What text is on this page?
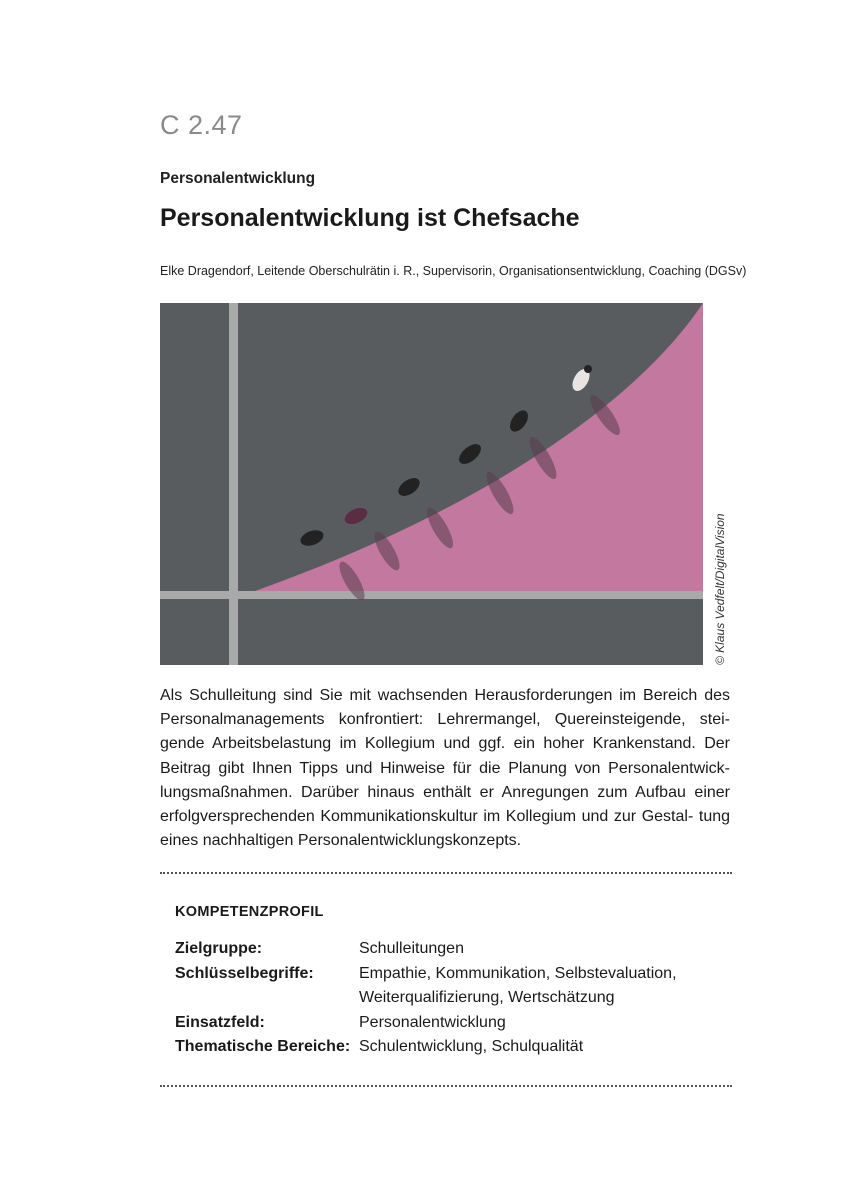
C 2.47
Personalentwicklung
Personalentwicklung ist Chefsache
Elke Dragendorf, Leitende Oberschulrätin i. R., Supervisorin, Organisationsentwicklung, Coaching (DGSv)
© Klaus Vedfelt/DigitalVision

Als Schulleitung sind Sie mit wachsenden Herausforderungen im Bereich des Personalmanagements konfrontiert: Lehrermangel, Quereinsteigende, stei- gende Arbeitsbelastung im Kollegium und ggf. ein hoher Krankenstand. Der Beitrag gibt Ihnen Tipps und Hinweise für die Planung von Personalentwick- lungsmaßnahmen. Darüber hinaus enthält er Anregungen zum Aufbau einer erfolgversprechenden Kommunikationskultur im Kollegium und zur Gestal- tung eines nachhaltigen Personalentwicklungskonzepts.

KOMPETENZPROFIL
Zielgruppe:	Schulleitungen
Schlüsselbegriffe:	Empathie, Kommunikation, Selbstevaluation,
Weiterqualifizierung, Wertschätzung
Einsatzfeld:	Personalentwicklung
Thematische Bereiche: Schulentwicklung, Schulqualität
